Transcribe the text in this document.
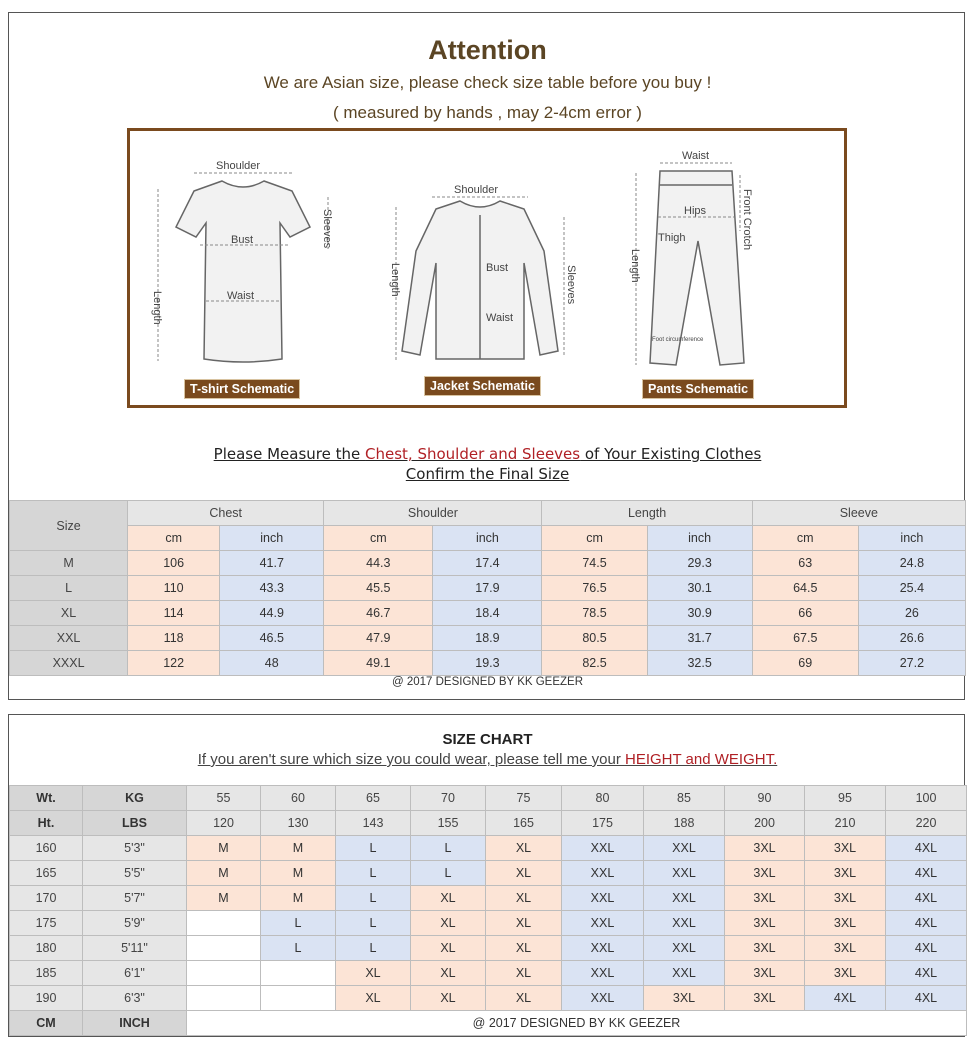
Attention
We are Asian size, please check size table before you buy !
( measured by hands , may 2-4cm error )
Shoulder
Bust
Waist
Length
Sleeves
Shoulder
Bust
Waist
Length	Sleeves
Waist
Hips
Thigh
Length
Front Crotch
Foot circumference
T-shirt Schematic	Jacket Schematic	Pants Schematic
Please Measure the Chest, Shoulder and Sleeves of Your Existing Clothes
Confirm the Final Size
Size	Chest		Shoulder		Length		Sleeve	
	cm	inch	cm	inch	cm	inch	cm	inch
M	106	41.7	44.3	17.4	74.5	29.3	63	24.8
L	110	43.3	45.5	17.9	76.5	30.1	64.5	25.4
XL	114	44.9	46.7	18.4	78.5	30.9	66	26
XXL	118	46.5	47.9	18.9	80.5	31.7	67.5	26.6
XXXL	122	48	49.1	19.3	82.5	32.5	69	27.2
@ 2017 DESIGNED BY KK GEEZER
SIZE CHART
If you aren't sure which size you could wear, please tell me your HEIGHT and WEIGHT.
Wt.	KG	55	60	65	70	75	80	85	90	95	100
Ht.	LBS	120	130	143	155	165	175	188	200	210	220
160	5'3"	M	M	L	L	XL	XXL	XXL	3XL	3XL	4XL
165	5'5"	M	M	L	L	XL	XXL	XXL	3XL	3XL	4XL
170	5'7"	M	M	L	XL	XL	XXL	XXL	3XL	3XL	4XL
175	5'9"		L	L	XL	XL	XXL	XXL	3XL	3XL	4XL
180	5'11"		L	L	XL	XL	XXL	XXL	3XL	3XL	4XL
185	6'1"			XL	XL	XL	XXL	XXL	3XL	3XL	4XL
190	6'3"			XL	XL	XL	XXL	3XL	3XL	4XL	4XL
CM	INCH	@ 2017 DESIGNED BY KK GEEZER									
